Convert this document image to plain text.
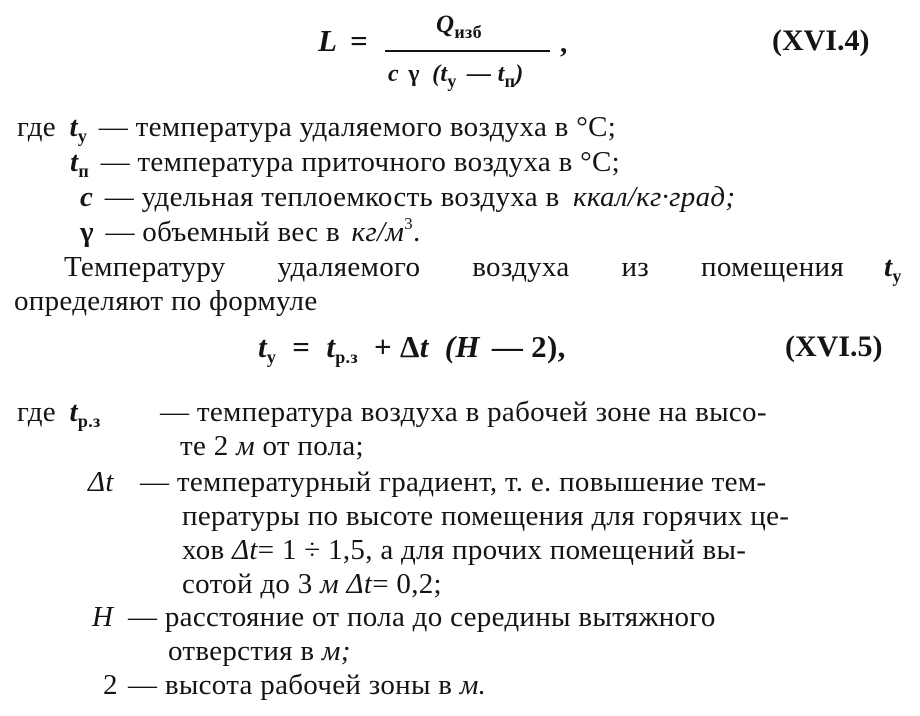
L =	$Q_{изб}$
c γ ($t_у$ — $t_п$)
,	(XVI.4)
где $t_у$ — температура удаляемого воздуха в °С;
$t_п$ — температура приточного воздуха в °С;
c — удельная теплоемкость воздуха в ккал/кг·град;
γ — объемный вес в $кг/м^3$.
Температуру удаляемого воздуха из помещения $t_у$
определяют по формуле
$t_у = t_{р.з} + \Delta t$ (H — 2),	(XVI.5)
где $t_{р.з}$ — температура воздуха в рабочей зоне на высо-
те 2 м от пола;
Δt — температурный градиент, т. е. повышение тем-
пературы по высоте помещения для горячих це-
хов Δt= 1 ÷ 1,5, а для прочих помещений вы-
сотой до 3 м Δt= 0,2;
H — расстояние от пола до середины вытяжного
отверстия в м;
2 — высота рабочей зоны в м.
